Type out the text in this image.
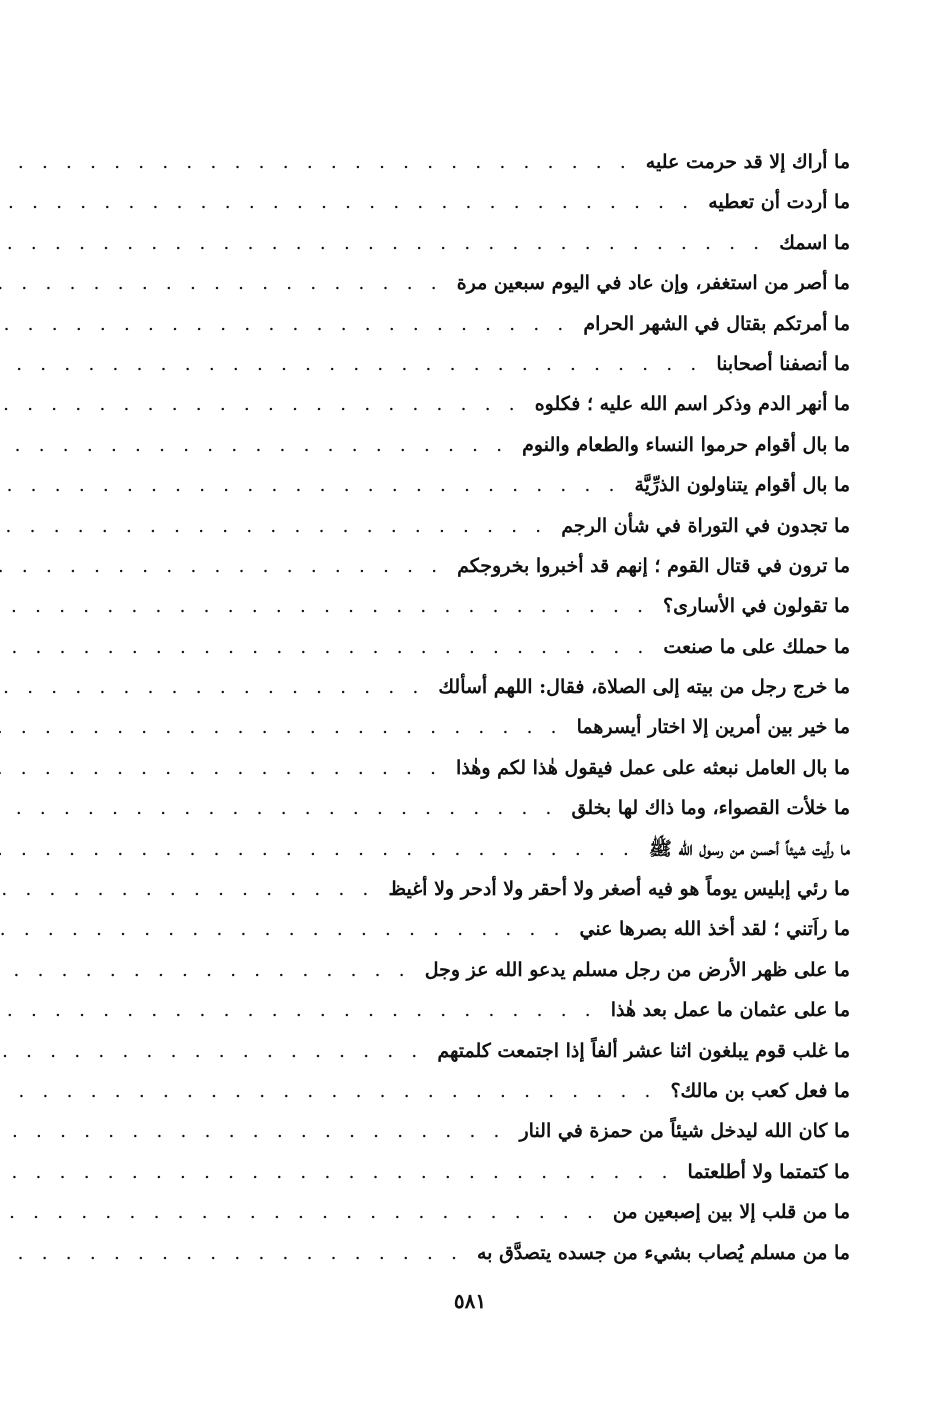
ما أراك إلا قد حرمت عليه
. . .
ما أردت أن تعطيه
. . .
ما اسمك
. . .
ما أصر من استغفر، وإن عاد في اليوم سبعين مرة
. . .
ما أمرتكم بقتال في الشهر الحرام
. . .
ما أنصفنا أصحابنا
. . .
ما أنهر الدم وذكر اسم الله عليه ؛ فكلوه
. . .
ما بال أقوام حرموا النساء والطعام والنوم
. . .
ما بال أقوام يتناولون الذرِّيَّة
. . .
ما تجدون في التوراة في شأن الرجم
. . .
ما ترون في قتال القوم ؛ إنهم قد أخبروا بخروجكم
. . .
ما تقولون في الأسارى؟
. . .
ما حملك على ما صنعت
. . .
ما خرج رجل من بيته إلى الصلاة، فقال: اللهم أسألك
. . .
ما خير بين أمرين إلا اختار أيسرهما
. . .
ما بال العامل نبعثه على عمل فيقول هٰذا لكم وهٰذا
. . .
ما خلأت القصواء، وما ذاك لها بخلق
. . .
ما رأيت شيئاً أحسن من رسول الله ﷺ
. . .
ما رئي إبليس يوماً هو فيه أصغر ولا أحقر ولا أدحر ولا أغيظ
. . .
ما راَتني ؛ لقد أخذ الله بصرها عني
. . .
ما على ظهر الأرض من رجل مسلم يدعو الله عز وجل
. . .
ما على عثمان ما عمل بعد هٰذا
. . .
ما غلب قوم يبلغون اثنا عشر ألفاً إذا اجتمعت كلمتهم
. . .
ما فعل كعب بن مالك؟
. . .
ما كان الله ليدخل شيئاً من حمزة في النار
. . .
ما كتمتما ولا أطلعتما
. . .
ما من قلب إلا بين إصبعين من
. . .
ما من مسلم يُصاب بشيء من جسده يتصدَّق به
. . .
٥٨١
